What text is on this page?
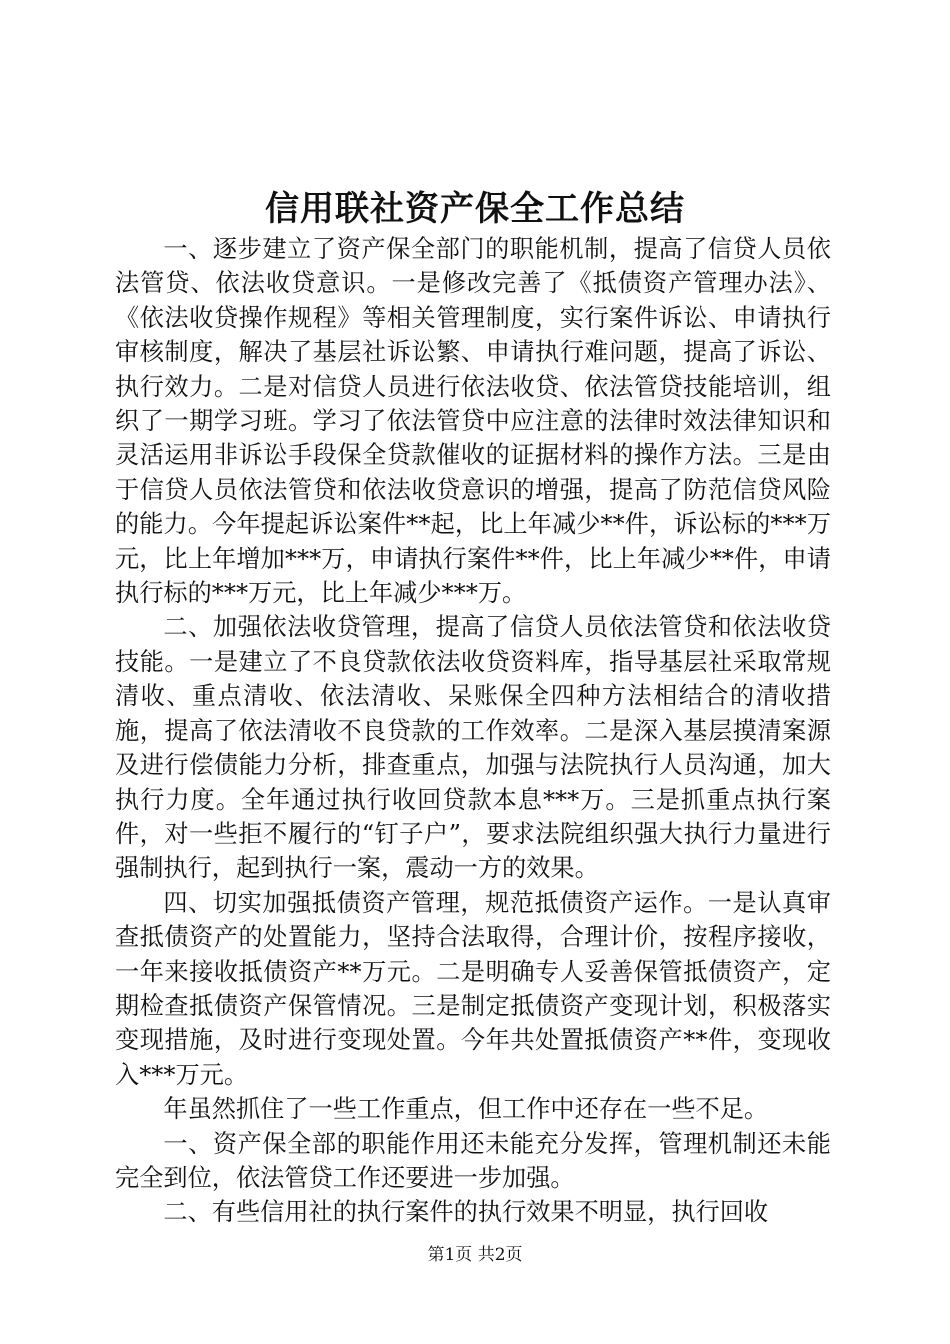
信用联社资产保全工作总结

一、逐步建立了资产保全部门的职能机制，提高了信贷人员依法管贷、依法收贷意识。一是修改完善了《抵债资产管理办法》、《依法收贷操作规程》等相关管理制度，实行案件诉讼、申请执行审核制度，解决了基层社诉讼繁、申请执行难问题，提高了诉讼、执行效力。二是对信贷人员进行依法收贷、依法管贷技能培训，组织了一期学习班。学习了依法管贷中应注意的法律时效法律知识和灵活运用非诉讼手段保全贷款催收的证据材料的操作方法。三是由于信贷人员依法管贷和依法收贷意识的增强，提高了防范信贷风险的能力。今年提起诉讼案件**起，比上年减少**件，诉讼标的***万元，比上年增加***万，申请执行案件**件，比上年减少**件，申请执行标的***万元，比上年减少***万。

二、加强依法收贷管理，提高了信贷人员依法管贷和依法收贷技能。一是建立了不良贷款依法收贷资料库，指导基层社采取常规清收、重点清收、依法清收、呆账保全四种方法相结合的清收措施，提高了依法清收不良贷款的工作效率。二是深入基层摸清案源及进行偿债能力分析，排查重点，加强与法院执行人员沟通，加大执行力度。全年通过执行收回贷款本息***万。三是抓重点执行案件，对一些拒不履行的“钉子户”，要求法院组织强大执行力量进行强制执行，起到执行一案，震动一方的效果。

四、切实加强抵债资产管理，规范抵债资产运作。一是认真审查抵债资产的处置能力，坚持合法取得，合理计价，按程序接收，一年来接收抵债资产**万元。二是明确专人妥善保管抵债资产，定期检查抵债资产保管情况。三是制定抵债资产变现计划，积极落实变现措施，及时进行变现处置。今年共处置抵债资产**件，变现收入***万元。

年虽然抓住了一些工作重点，但工作中还存在一些不足。

一、资产保全部的职能作用还未能充分发挥，管理机制还未能完全到位，依法管贷工作还要进一步加强。

二、有些信用社的执行案件的执行效果不明显，执行回收

第1页 共2页
